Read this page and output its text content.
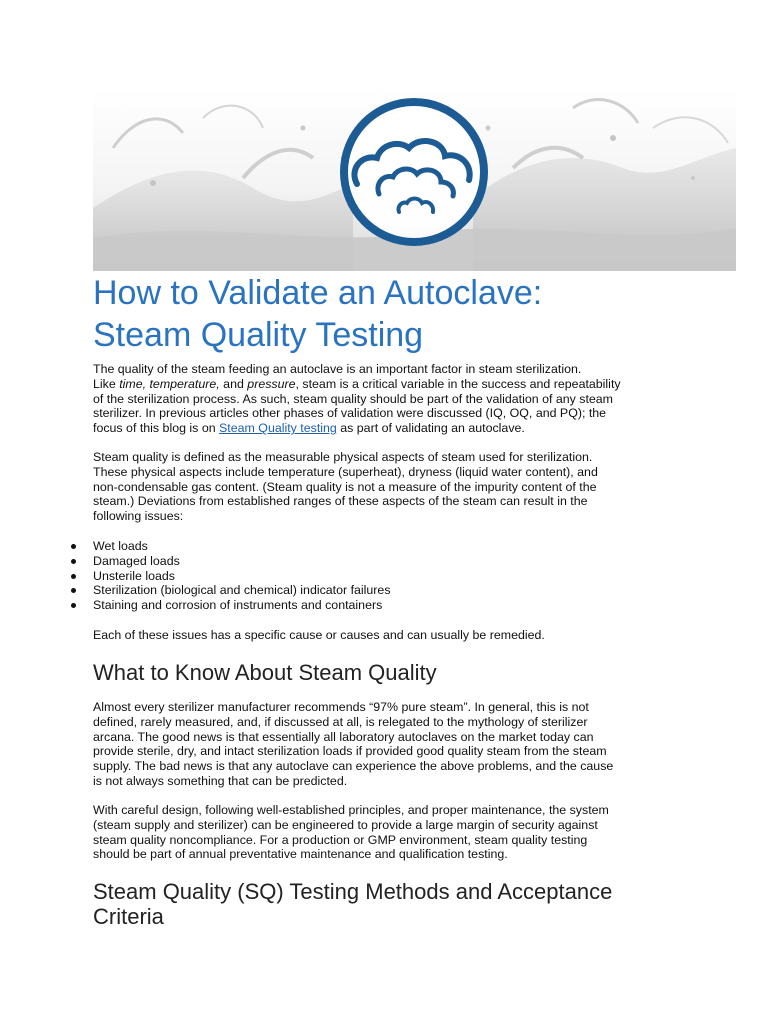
How to Validate an Autoclave:
Steam Quality Testing

The quality of the steam feeding an autoclave is an important factor in steam sterilization.
Like time, temperature, and pressure, steam is a critical variable in the success and repeatability
of the sterilization process. As such, steam quality should be part of the validation of any steam
sterilizer. In previous articles other phases of validation were discussed (IQ, OQ, and PQ); the
focus of this blog is on Steam Quality testing as part of validating an autoclave.

Steam quality is defined as the measurable physical aspects of steam used for sterilization.
These physical aspects include temperature (superheat), dryness (liquid water content), and
non-condensable gas content. (Steam quality is not a measure of the impurity content of the
steam.) Deviations from established ranges of these aspects of the steam can result in the
following issues:

Wet loads
Damaged loads
Unsterile loads
Sterilization (biological and chemical) indicator failures
Staining and corrosion of instruments and containers

Each of these issues has a specific cause or causes and can usually be remedied.

What to Know About Steam Quality

Almost every sterilizer manufacturer recommends “97% pure steam”. In general, this is not
defined, rarely measured, and, if discussed at all, is relegated to the mythology of sterilizer
arcana. The good news is that essentially all laboratory autoclaves on the market today can
provide sterile, dry, and intact sterilization loads if provided good quality steam from the steam
supply. The bad news is that any autoclave can experience the above problems, and the cause
is not always something that can be predicted.

With careful design, following well-established principles, and proper maintenance, the system
(steam supply and sterilizer) can be engineered to provide a large margin of security against
steam quality noncompliance. For a production or GMP environment, steam quality testing
should be part of annual preventative maintenance and qualification testing.

Steam Quality (SQ) Testing Methods and Acceptance
Criteria
